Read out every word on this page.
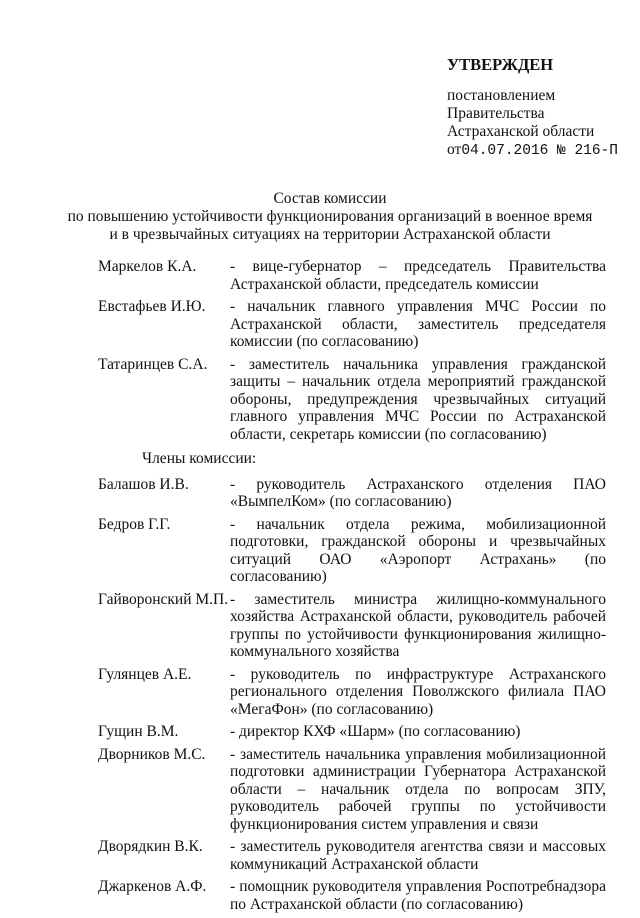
УТВЕРЖДЕН
постановлением
Правительства
Астраханской области
от04.07.2016 № 216-П
Состав комиссии
по повышению устойчивости функционирования организаций в военное время
и в чрезвычайных ситуациях на территории Астраханской области
Маркелов К.А.	- вице-губернатор – председатель Правительства Астраханской области, председатель комиссии
Евстафьев И.Ю.	- начальник главного управления МЧС России по Астраханской области, заместитель председателя комиссии (по согласованию)
Татаринцев С.А.	- заместитель начальника управления гражданской защиты – начальник отдела мероприятий гражданской обороны, предупреждения чрезвычайных ситуаций главного управления МЧС России по Астраханской области, секретарь комиссии (по согласованию)
Члены комиссии:
Балашов И.В.	- руководитель Астраханского отделения ПАО «ВымпелКом» (по согласованию)
Бедров Г.Г.	- начальник отдела режима, мобилизационной подготовки, гражданской обороны и чрезвычайных ситуаций ОАО «Аэропорт Астрахань» (по согласованию)
Гайворонский М.П. - заместитель министра жилищно-коммунального хозяйства Астраханской области, руководитель рабочей группы по устойчивости функционирования жилищно-коммунального хозяйства
Гулянцев А.Е.	- руководитель по инфраструктуре Астраханского регионального отделения Поволжского филиала ПАО «МегаФон» (по согласованию)
Гущин В.М.	- директор КХФ «Шарм» (по согласованию)
Дворников М.С.	- заместитель начальника управления мобилизационной подготовки администрации Губернатора Астраханской области – начальник отдела по вопросам ЗПУ, руководитель рабочей группы по устойчивости функционирования систем управления и связи
Дворядкин В.К.	- заместитель руководителя агентства связи и массовых коммуникаций Астраханской области
Джаркенов А.Ф.	- помощник руководителя управления Роспотребнадзора по Астраханской области (по согласованию)
